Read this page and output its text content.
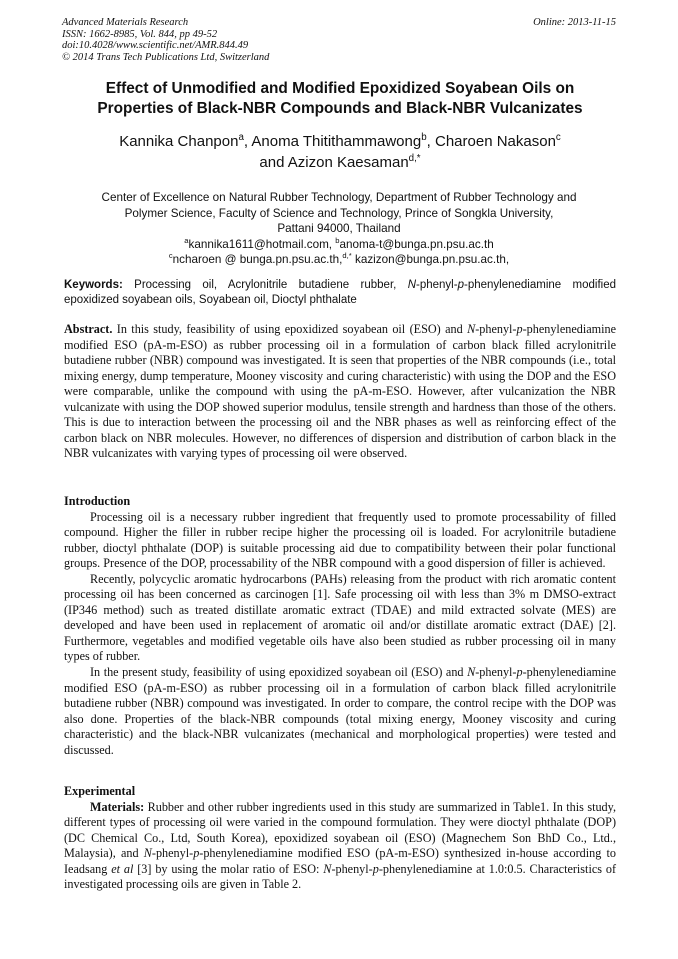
Advanced Materials Research
ISSN: 1662-8985, Vol. 844, pp 49-52
doi:10.4028/www.scientific.net/AMR.844.49
© 2014 Trans Tech Publications Ltd, Switzerland
Online: 2013-11-15
Effect of Unmodified and Modified Epoxidized Soyabean Oils on
Properties of Black-NBR Compounds and Black-NBR Vulcanizates
Kannika Chanpon$^a$, Anoma Thitithammawong$^b$, Charoen Nakason$^c$
and Azizon Kaesaman$^{d,*}$
Center of Excellence on Natural Rubber Technology, Department of Rubber Technology and
Polymer Science, Faculty of Science and Technology, Prince of Songkla University,
Pattani 94000, Thailand
$^a$kannika1611@hotmail.com, $^b$anoma-t@bunga.pn.psu.ac.th
$^c$ncharoen @ bunga.pn.psu.ac.th,$^{d,*}$ kazizon@bunga.pn.psu.ac.th,
Keywords: Processing oil, Acrylonitrile butadiene rubber, N-phenyl-p-phenylenediamine modified epoxidized soyabean oils, Soyabean oil, Dioctyl phthalate

Abstract. In this study, feasibility of using epoxidized soyabean oil (ESO) and N-phenyl-p-phenylenediamine modified ESO (pA-m-ESO) as rubber processing oil in a formulation of carbon black filled acrylonitrile butadiene rubber (NBR) compound was investigated. It is seen that properties of the NBR compounds (i.e., total mixing energy, dump temperature, Mooney viscosity and curing characteristic) with using the DOP and the ESO were comparable, unlike the compound with using the pA-m-ESO. However, after vulcanization the NBR vulcanizate with using the DOP showed superior modulus, tensile strength and hardness than those of the others. This is due to interaction between the processing oil and the NBR phases as well as reinforcing effect of the carbon black on NBR molecules. However, no differences of dispersion and distribution of carbon black in the NBR vulcanizates with varying types of processing oil were observed.

Introduction

Processing oil is a necessary rubber ingredient that frequently used to promote processability of filled compound. Higher the filler in rubber recipe higher the processing oil is loaded. For acrylonitrile butadiene rubber, dioctyl phthalate (DOP) is suitable processing aid due to compatibility between their polar functional groups. Presence of the DOP, processability of the NBR compound with a good dispersion of filler is achieved.

Recently, polycyclic aromatic hydrocarbons (PAHs) releasing from the product with rich aromatic content processing oil has been concerned as carcinogen [1]. Safe processing oil with less than 3% m DMSO-extract (IP346 method) such as treated distillate aromatic extract (TDAE) and mild extracted solvate (MES) are developed and have been used in replacement of aromatic oil and/or distillate aromatic extract (DAE) [2]. Furthermore, vegetables and modified vegetable oils have also been studied as rubber processing oil in many types of rubber.

In the present study, feasibility of using epoxidized soyabean oil (ESO) and N-phenyl-p-phenylenediamine modified ESO (pA-m-ESO) as rubber processing oil in a formulation of carbon black filled acrylonitrile butadiene rubber (NBR) compound was investigated. In order to compare, the control recipe with the DOP was also done. Properties of the black-NBR compounds (total mixing energy, Mooney viscosity and curing characteristic) and the black-NBR vulcanizates (mechanical and morphological properties) were tested and discussed.

Experimental

Materials: Rubber and other rubber ingredients used in this study are summarized in Table1. In this study, different types of processing oil were varied in the compound formulation. They were dioctyl phthalate (DOP) (DC Chemical Co., Ltd, South Korea), epoxidized soyabean oil (ESO) (Magnechem Son BhD Co., Ltd., Malaysia), and N-phenyl-p-phenylenediamine modified ESO (pA-m-ESO) synthesized in-house according to Ieadsang et al [3] by using the molar ratio of ESO: N-phenyl-p-phenylenediamine at 1.0:0.5. Characteristics of investigated processing oils are given in Table 2.
